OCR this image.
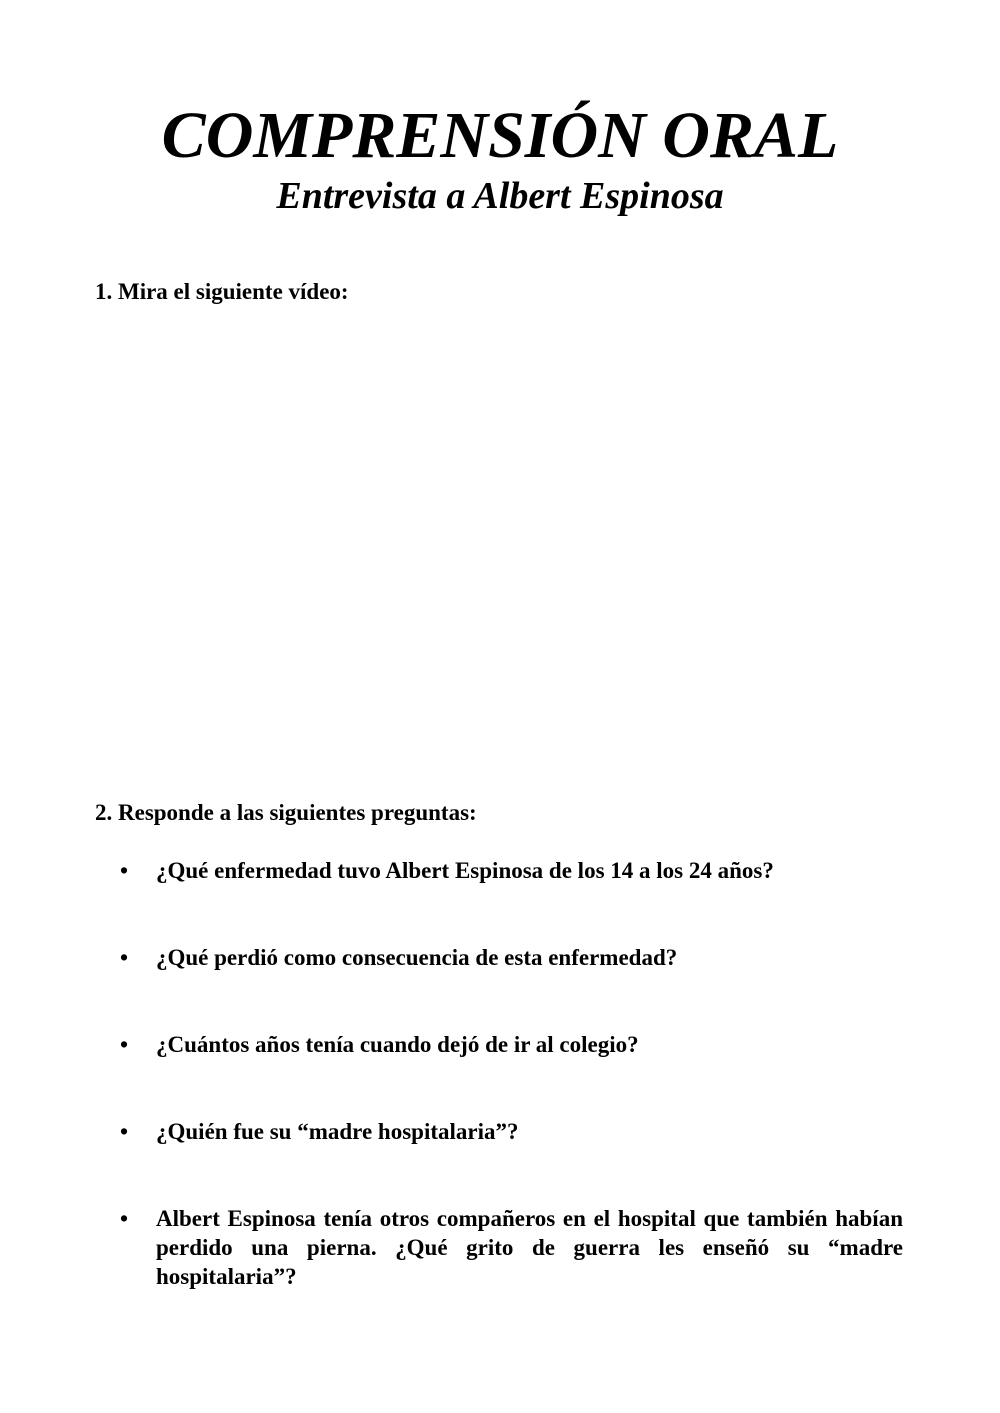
COMPRENSIÓN ORAL
Entrevista a Albert Espinosa
1. Mira el siguiente vídeo:
2. Responde a las siguientes preguntas:
•	¿Qué enfermedad tuvo Albert Espinosa de los 14 a los 24 años?
•	¿Qué perdió como consecuencia de esta enfermedad?
•	¿Cuántos años tenía cuando dejó de ir al colegio?
•	¿Quién fue su “madre hospitalaria”?
•	Albert Espinosa tenía otros compañeros en el hospital que también habían perdido una pierna. ¿Qué grito de guerra les enseñó su “madre hospitalaria”?
